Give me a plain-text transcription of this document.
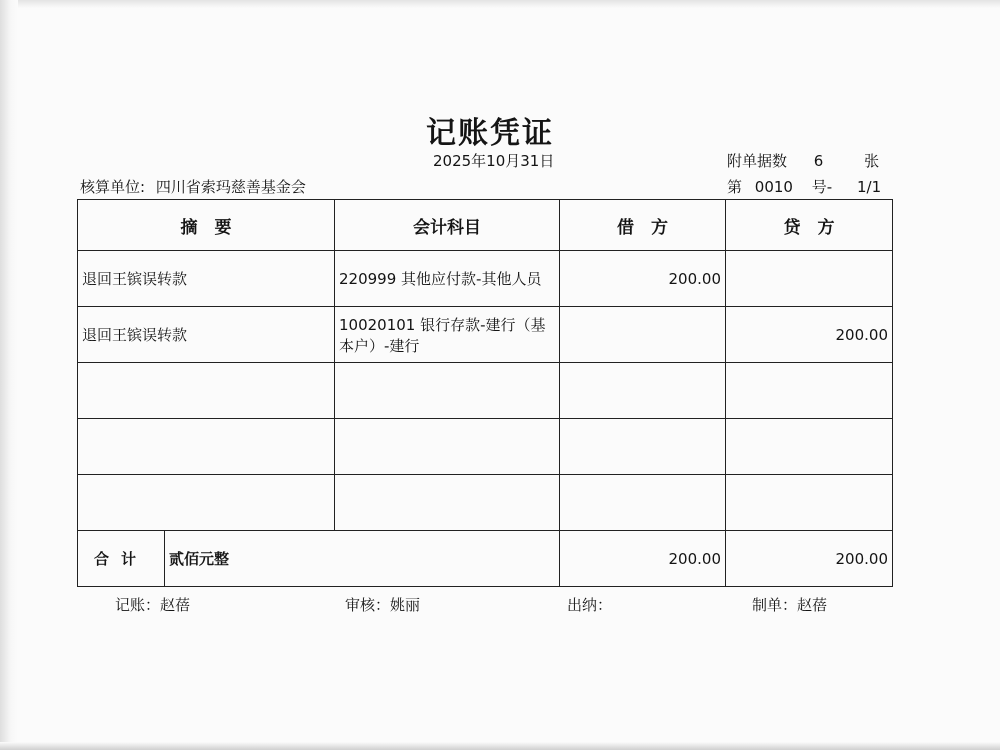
记账凭证
2025年10月31日	附单据数 6	张
核算单位: 四川省索玛慈善基金会	第 0010 号- 1/1
摘　要		会计科目	借　方	贷　方
退回王镔误转款		220999 其他应付款-其他人员	200.00	
退回王镔误转款		10020101 银行存款-建行（基本户）-建行		200.00

合计	贰佰元整		200.00	200.00
记账：赵蓓	审核：姚丽	出纳：	制单：赵蓓
